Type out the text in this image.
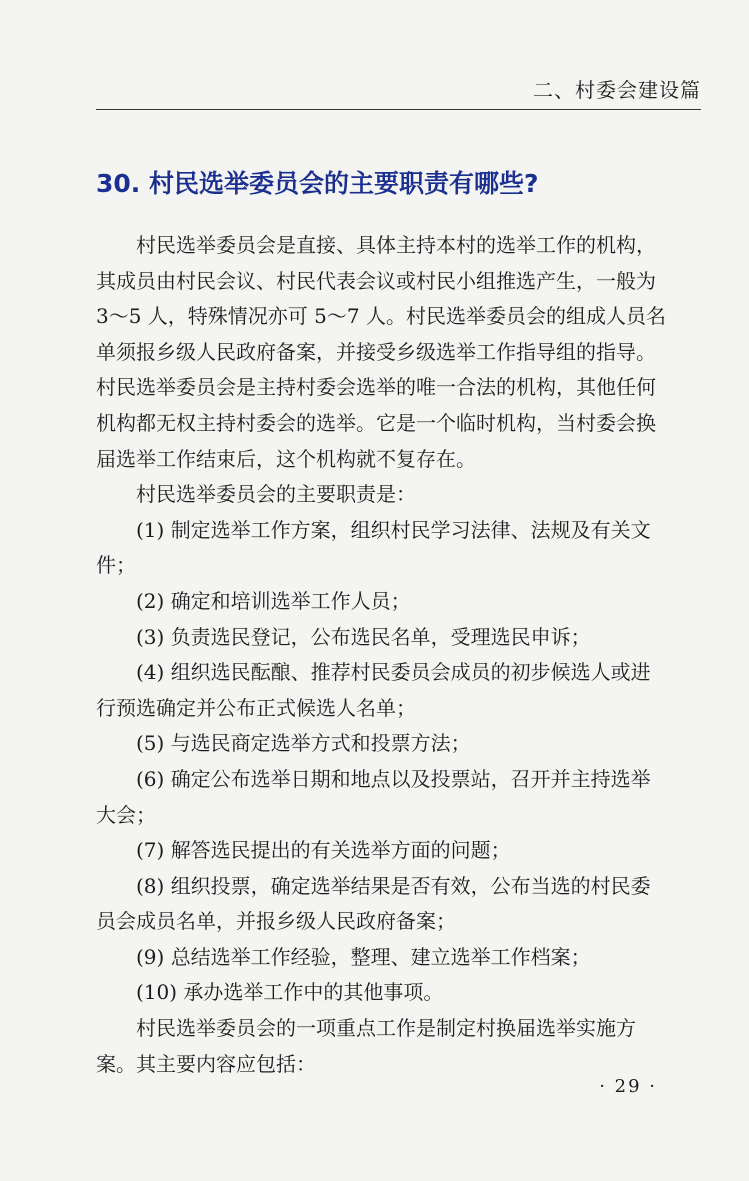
二、村委会建设篇
30. 村民选举委员会的主要职责有哪些?

村民选举委员会是直接、具体主持本村的选举工作的机构，其成员由村民会议、村民代表会议或村民小组推选产生，一般为 3～5 人，特殊情况亦可 5～7 人。村民选举委员会的组成人员名单须报乡级人民政府备案，并接受乡级选举工作指导组的指导。村民选举委员会是主持村委会选举的唯一合法的机构，其他任何机构都无权主持村委会的选举。它是一个临时机构，当村委会换届选举工作结束后，这个机构就不复存在。

村民选举委员会的主要职责是：

(1) 制定选举工作方案，组织村民学习法律、法规及有关文件；
(2) 确定和培训选举工作人员；
(3) 负责选民登记，公布选民名单，受理选民申诉；
(4) 组织选民酝酿、推荐村民委员会成员的初步候选人或进行预选确定并公布正式候选人名单；
(5) 与选民商定选举方式和投票方法；
(6) 确定公布选举日期和地点以及投票站，召开并主持选举大会；
(7) 解答选民提出的有关选举方面的问题；
(8) 组织投票，确定选举结果是否有效，公布当选的村民委员会成员名单，并报乡级人民政府备案；
(9) 总结选举工作经验，整理、建立选举工作档案；
(10) 承办选举工作中的其他事项。

村民选举委员会的一项重点工作是制定村换届选举实施方案。其主要内容应包括：

· 29 ·
